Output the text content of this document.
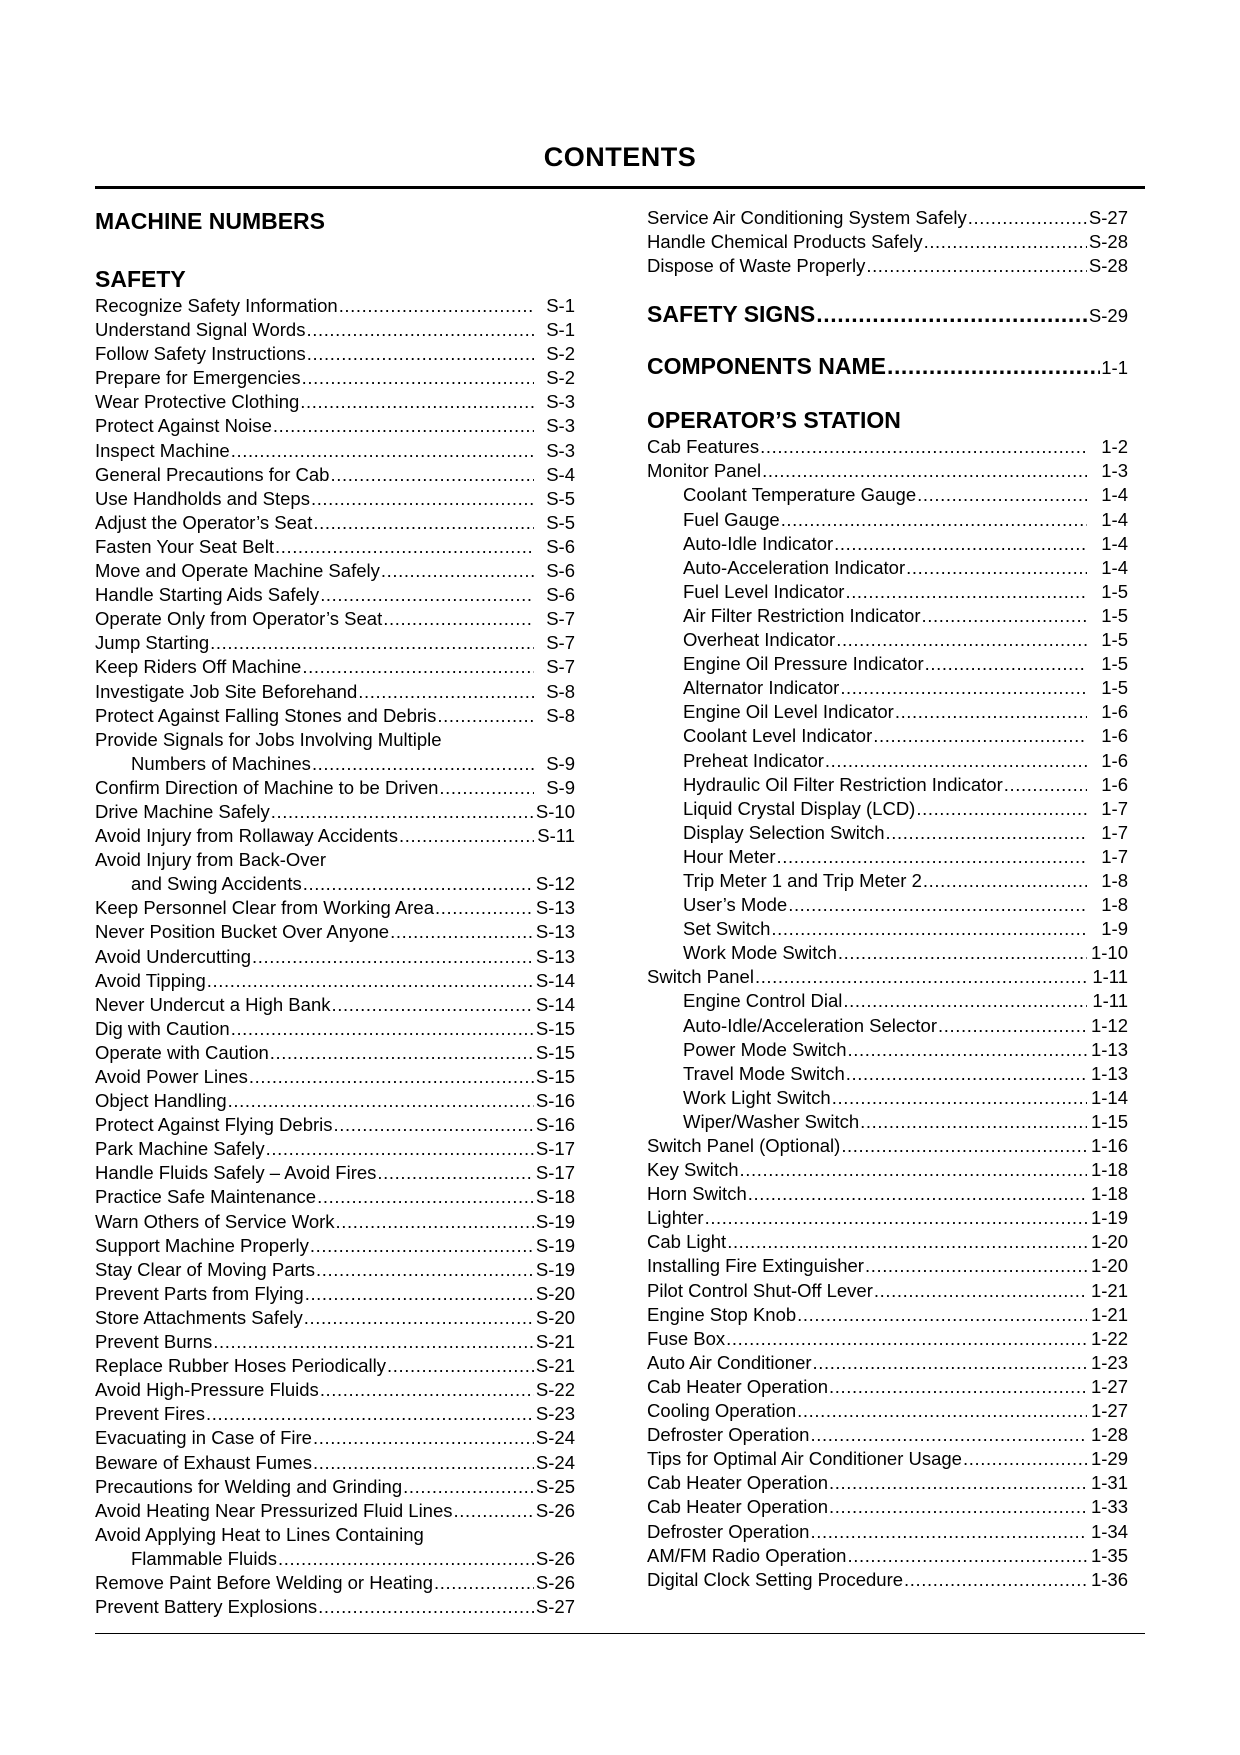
CONTENTS
MACHINE NUMBERS
SAFETY
Recognize Safety Information .....	S-1
Understand Signal Words .....	S-1
Follow Safety Instructions .....	S-2
Prepare for Emergencies .....	S-2
Wear Protective Clothing .....	S-3
Protect Against Noise .....	S-3
Inspect Machine .....	S-3
General Precautions for Cab .....	S-4
Use Handholds and Steps .....	S-5
Adjust the Operator’s Seat .....	S-5
Fasten Your Seat Belt .....	S-6
Move and Operate Machine Safely .....	S-6
Handle Starting Aids Safely .....	S-6
Operate Only from Operator’s Seat .....	S-7
Jump Starting .....	S-7
Keep Riders Off Machine .....	S-7
Investigate Job Site Beforehand .....	S-8
Protect Against Falling Stones and Debris .....	S-8
Provide Signals for Jobs Involving Multiple
Numbers of Machines .....	S-9
Confirm Direction of Machine to be Driven .....	S-9
Drive Machine Safely .....	S-10
Avoid Injury from Rollaway Accidents .....	S-11
Avoid Injury from Back-Over
and Swing Accidents .....	S-12
Keep Personnel Clear from Working Area .....	S-13
Never Position Bucket Over Anyone .....	S-13
Avoid Undercutting .....	S-13
Avoid Tipping .....	S-14
Never Undercut a High Bank .....	S-14
Dig with Caution .....	S-15
Operate with Caution .....	S-15
Avoid Power Lines .....	S-15
Object Handling .....	S-16
Protect Against Flying Debris .....	S-16
Park Machine Safely .....	S-17
Handle Fluids Safely – Avoid Fires .....	S-17
Practice Safe Maintenance .....	S-18
Warn Others of Service Work .....	S-19
Support Machine Properly .....	S-19
Stay Clear of Moving Parts .....	S-19
Prevent Parts from Flying .....	S-20
Store Attachments Safely .....	S-20
Prevent Burns .....	S-21
Replace Rubber Hoses Periodically .....	S-21
Avoid High-Pressure Fluids .....	S-22
Prevent Fires .....	S-23
Evacuating in Case of Fire .....	S-24
Beware of Exhaust Fumes .....	S-24
Precautions for Welding and Grinding .....	S-25
Avoid Heating Near Pressurized Fluid Lines .....	S-26
Avoid Applying Heat to Lines Containing
Flammable Fluids .....	S-26
Remove Paint Before Welding or Heating .....	S-26
Prevent Battery Explosions .....	S-27
Service Air Conditioning System Safely .....	S-27
Handle Chemical Products Safely .....	S-28
Dispose of Waste Properly .....	S-28
SAFETY SIGNS .....	S-29
COMPONENTS NAME .....	1-1
OPERATOR’S STATION
Cab Features .....	1-2
Monitor Panel .....	1-3
Coolant Temperature Gauge .....	1-4
Fuel Gauge .....	1-4
Auto-Idle Indicator .....	1-4
Auto-Acceleration Indicator .....	1-4
Fuel Level Indicator .....	1-5
Air Filter Restriction Indicator .....	1-5
Overheat Indicator .....	1-5
Engine Oil Pressure Indicator .....	1-5
Alternator Indicator .....	1-5
Engine Oil Level Indicator .....	1-6
Coolant Level Indicator .....	1-6
Preheat Indicator .....	1-6
Hydraulic Oil Filter Restriction Indicator .....	1-6
Liquid Crystal Display (LCD) .....	1-7
Display Selection Switch .....	1-7
Hour Meter .....	1-7
Trip Meter 1 and Trip Meter 2 .....	1-8
User’s Mode .....	1-8
Set Switch .....	1-9
Work Mode Switch .....	1-10
Switch Panel .....	1-11
Engine Control Dial .....	1-11
Auto-Idle/Acceleration Selector .....	1-12
Power Mode Switch .....	1-13
Travel Mode Switch .....	1-13
Work Light Switch .....	1-14
Wiper/Washer Switch .....	1-15
Switch Panel (Optional) .....	1-16
Key Switch .....	1-18
Horn Switch .....	1-18
Lighter .....	1-19
Cab Light .....	1-20
Installing Fire Extinguisher .....	1-20
Pilot Control Shut-Off Lever .....	1-21
Engine Stop Knob .....	1-21
Fuse Box .....	1-22
Auto Air Conditioner .....	1-23
Cab Heater Operation .....	1-27
Cooling Operation .....	1-27
Defroster Operation .....	1-28
Tips for Optimal Air Conditioner Usage .....	1-29
Cab Heater Operation .....	1-31
Cab Heater Operation .....	1-33
Defroster Operation .....	1-34
AM/FM Radio Operation .....	1-35
Digital Clock Setting Procedure .....	1-36
